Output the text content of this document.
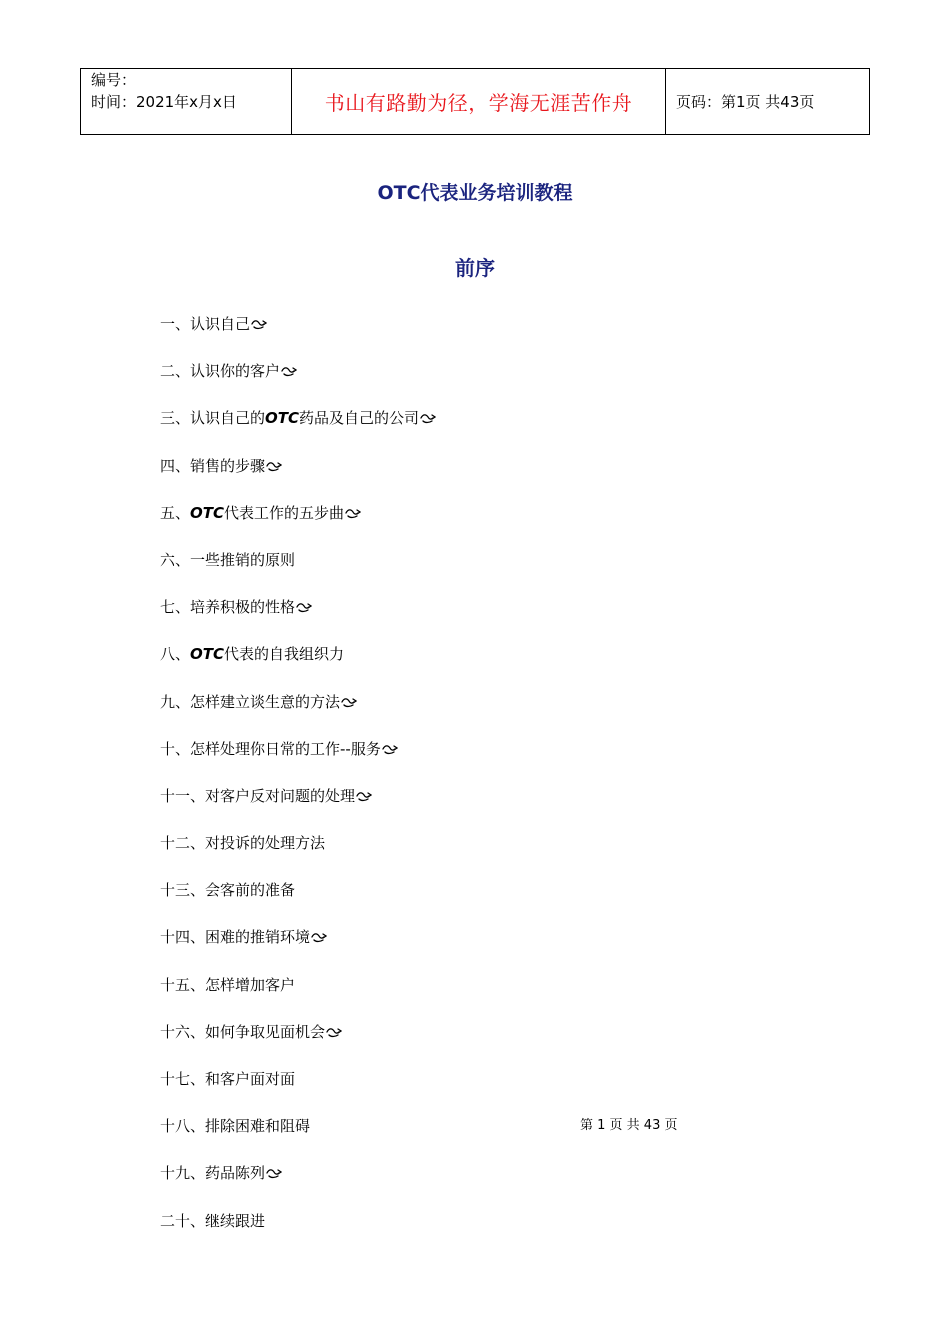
编号：
时间：2021年x月x日	书山有路勤为径，学海无涯苦作舟	页码：第1页 共43页
OTC代表业务培训教程
前序
一、认识自己
二、认识你的客户
三、认识自己的OTC药品及自己的公司
四、销售的步骤
五、OTC代表工作的五步曲
六、一些推销的原则
七、培养积极的性格
八、OTC代表的自我组织力
九、怎样建立谈生意的方法
十、怎样处理你日常的工作--服务
十一、对客户反对问题的处理
十二、对投诉的处理方法
十三、会客前的准备
十四、困难的推销环境
十五、怎样增加客户
十六、如何争取见面机会
十七、和客户面对面
十八、排除困难和阻碍
十九、药品陈列
二十、继续跟进
第 1 页 共 43 页
